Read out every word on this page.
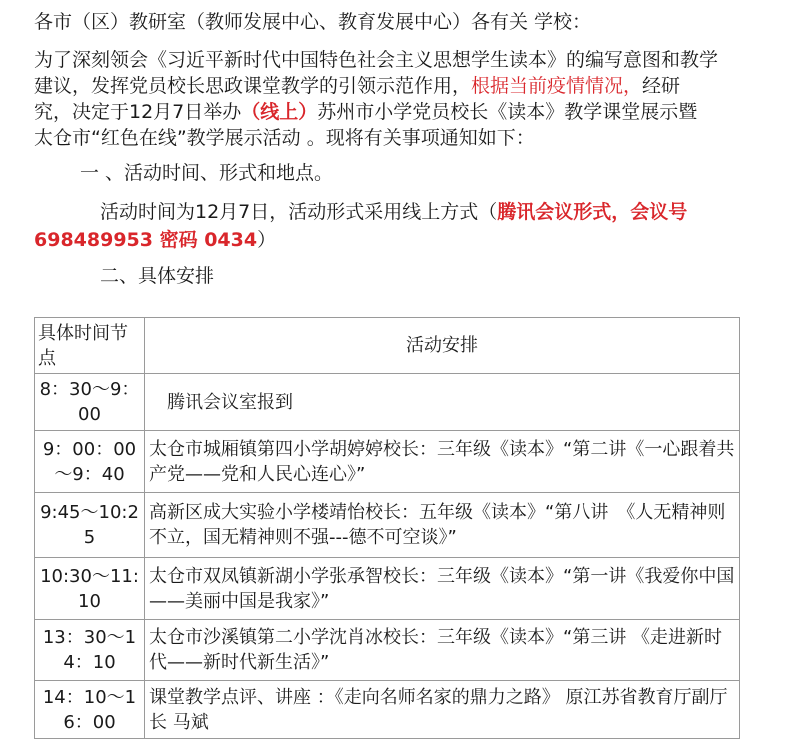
各市（区）教研室（教师发展中心、教育发展中心）各有关 学校：
为了深刻领会《习近平新时代中国特色社会主义思想学生读本》的编写意图和教学
建议，发挥党员校长思政课堂教学的引领示范作用，根据当前疫情情况，经研
究，决定于12月7日举办（线上）苏州市小学党员校长《读本》教学课堂展示暨
太仓市“红色在线”教学展示活动 。现将有关事项通知如下：
一 、活动时间、形式和地点。
活动时间为12月7日，活动形式采用线上方式（腾讯会议形式，会议号
698489953 密码 0434）
二、具体安排
具体时间节点	活动安排
8：30～9：00	　腾讯会议室报到
9：00：00～9：40	太仓市城厢镇第四小学胡婷婷校长：三年级《读本》“第二讲《一心跟着共产党——党和人民心连心》”
9:45～10:25	高新区成大实验小学楼靖怡校长：五年级《读本》“第八讲　《人无精神则不立，国无精神则不强---德不可空谈》”
10:30～11:10	太仓市双凤镇新湖小学张承智校长：三年级《读本》“第一讲《我爱你中国——美丽中国是我家》”
13：30～14：10	太仓市沙溪镇第二小学沈肖冰校长：三年级《读本》“第三讲 《走进新时代——新时代新生活》”
14：10～16：00	课堂教学点评、讲座 ：《走向名师名家的鼎力之路》 原江苏省教育厅副厅长 马斌
